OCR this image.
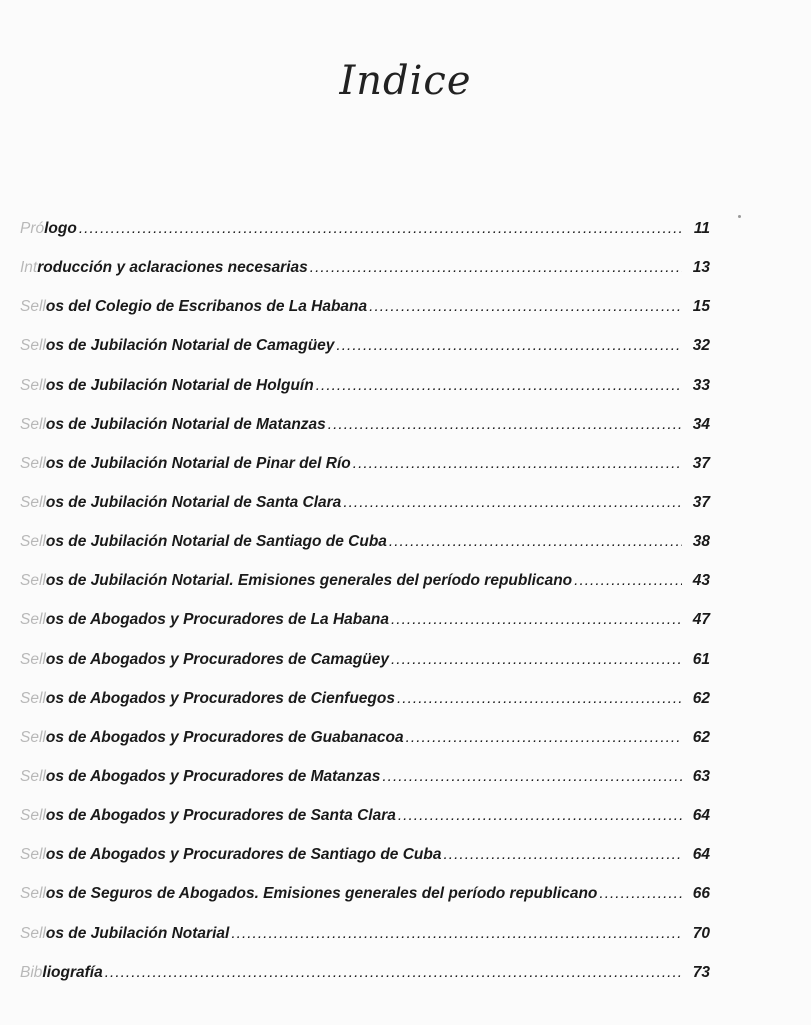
Indice
Prólogo .....	11
Introducción y aclaraciones necesarias .....	13
Sellos del Colegio de Escribanos de La Habana .....	15
Sellos de Jubilación Notarial de Camagüey .....	32
Sellos de Jubilación Notarial de Holguín .....	33
Sellos de Jubilación Notarial de Matanzas .....	34
Sellos de Jubilación Notarial de Pinar del Río .....	37
Sellos de Jubilación Notarial de Santa Clara .....	37
Sellos de Jubilación Notarial de Santiago de Cuba .....	38
Sellos de Jubilación Notarial. Emisiones generales del período republicano .....	43
Sellos de Abogados y Procuradores de La Habana .....	47
Sellos de Abogados y Procuradores de Camagüey .....	61
Sellos de Abogados y Procuradores de Cienfuegos .....	62
Sellos de Abogados y Procuradores de Guabanacoa .....	62
Sellos de Abogados y Procuradores de Matanzas .....	63
Sellos de Abogados y Procuradores de Santa Clara .....	64
Sellos de Abogados y Procuradores de Santiago de Cuba .....	64
Sellos de Seguros de Abogados. Emisiones generales del período republicano .....	66
Sellos de Jubilación Notarial .....	70
Bibliografía .....	73
